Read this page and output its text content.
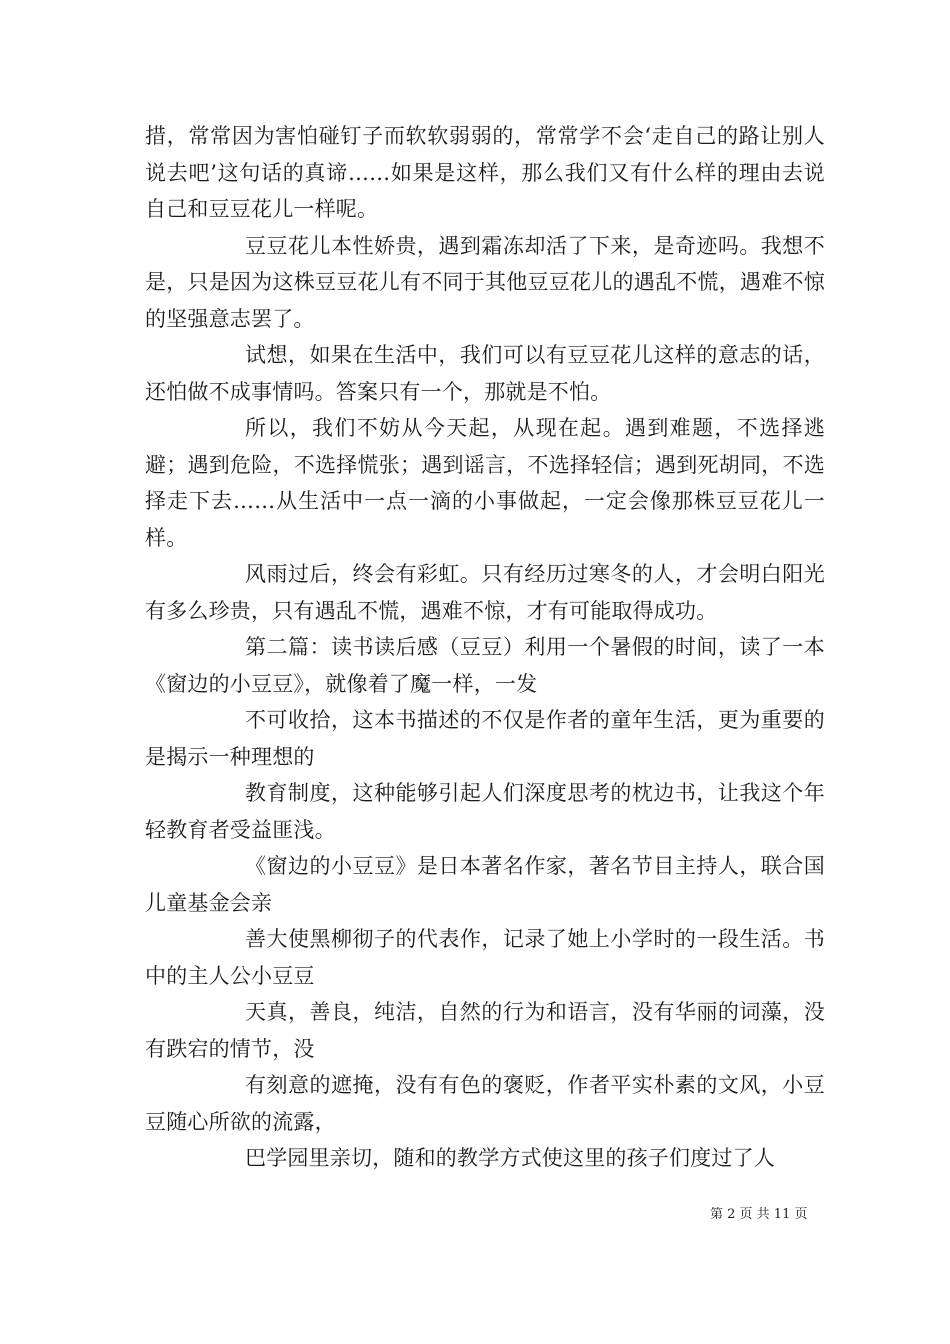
措，常常因为害怕碰钉子而软软弱弱的，常常学不会‘走自己的路让别人说去吧’这句话的真谛……如果是这样，那么我们又有什么样的理由去说自己和豆豆花儿一样呢。

豆豆花儿本性娇贵，遇到霜冻却活了下来，是奇迹吗。我想不是，只是因为这株豆豆花儿有不同于其他豆豆花儿的遇乱不慌，遇难不惊的坚强意志罢了。

试想，如果在生活中，我们可以有豆豆花儿这样的意志的话，还怕做不成事情吗。答案只有一个，那就是不怕。

所以，我们不妨从今天起，从现在起。遇到难题，不选择逃避；遇到危险，不选择慌张；遇到谣言，不选择轻信；遇到死胡同，不选择走下去……从生活中一点一滴的小事做起，一定会像那株豆豆花儿一样。

风雨过后，终会有彩虹。只有经历过寒冬的人，才会明白阳光有多么珍贵，只有遇乱不慌，遇难不惊，才有可能取得成功。

第二篇：读书读后感（豆豆）利用一个暑假的时间，读了一本《窗边的小豆豆》，就像着了魔一样，一发

不可收拾，这本书描述的不仅是作者的童年生活，更为重要的是揭示一种理想的

教育制度，这种能够引起人们深度思考的枕边书，让我这个年轻教育者受益匪浅。

《窗边的小豆豆》是日本著名作家，著名节目主持人，联合国儿童基金会亲

善大使黑柳彻子的代表作，记录了她上小学时的一段生活。书中的主人公小豆豆

天真，善良，纯洁，自然的行为和语言，没有华丽的词藻，没有跌宕的情节，没

有刻意的遮掩，没有有色的褒贬，作者平实朴素的文风，小豆豆随心所欲的流露，

巴学园里亲切，随和的教学方式使这里的孩子们度过了人

第 2 页 共 11 页
